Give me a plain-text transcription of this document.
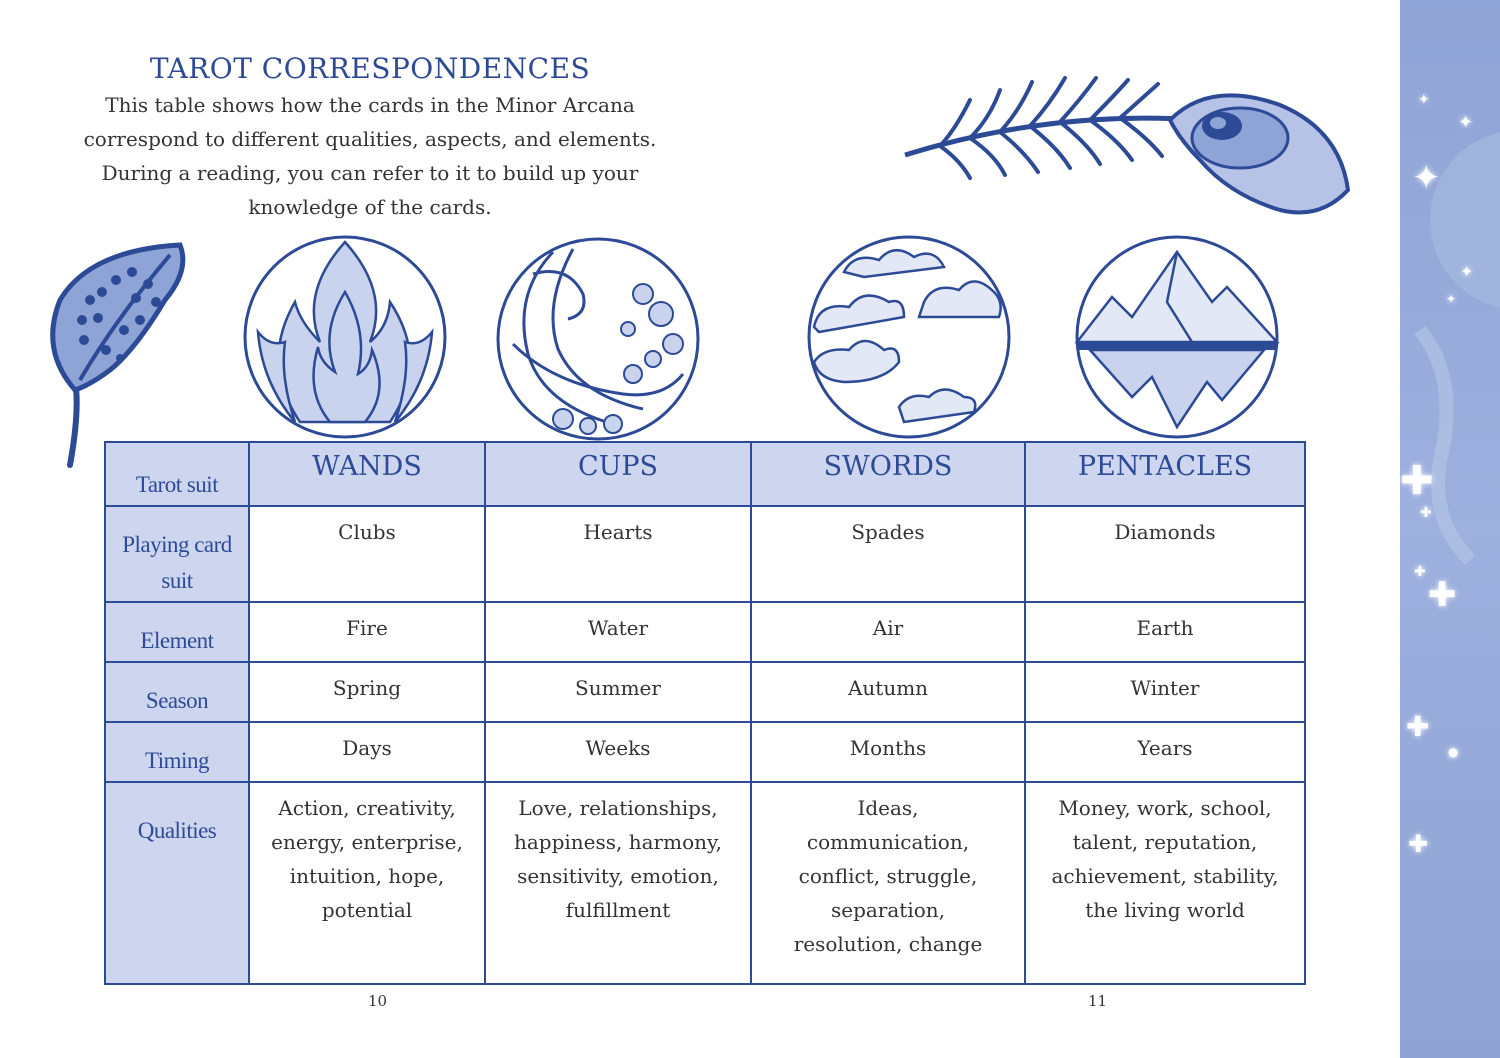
TAROT CORRESPONDENCES
This table shows how the cards in the Minor Arcana
correspond to different qualities, aspects, and elements.
During a reading, you can refer to it to build up your
knowledge of the cards.
✦
✦
✦
✦
✦
✚
✚
✚
✚
✚
●
✚
Tarot suit	WANDS	CUPS	SWORDS	PENTACLES
Playing card suit	Clubs	Hearts	Spades	Diamonds
Element	Fire	Water	Air	Earth
Season	Spring	Summer	Autumn	Winter
Timing	Days	Weeks	Months	Years
Qualities	Action, creativity, energy, enterprise, intuition, hope, potential	Love, relationships, happiness, harmony, sensitivity, emotion, fulfillment	Ideas, communication, conflict, struggle, separation, resolution, change	Money, work, school, talent, reputation, achievement, stability, the living world
10	11
